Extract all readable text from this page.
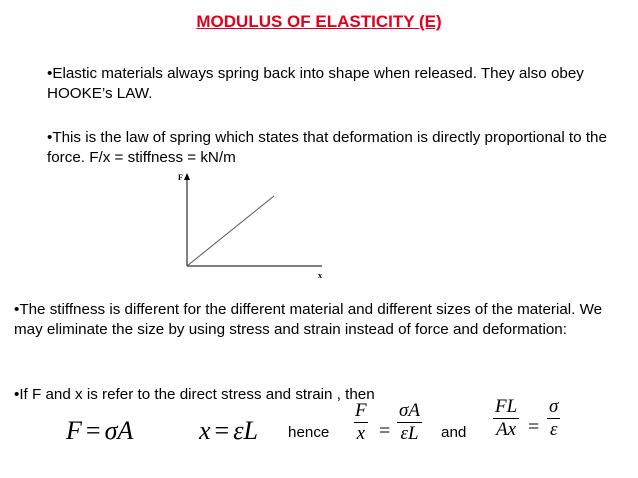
MODULUS OF ELASTICITY (E)

•Elastic materials always spring back into shape when released. They also obey HOOKE’s LAW.

•This is the law of spring which states that deformation is directly proportional to the force. F/x = stiffness = kN/m

F
x

•The stiffness is different for the different material and different sizes of the material. We may eliminate the size by using stress and strain instead of force and deformation:

•If F and x is refer to the direct stress and strain , then

F = σA	x = εL hence $\frac{F}{x} = \frac{\sigma A}{\varepsilon L}$ and $\frac{FL}{Ax} = \frac{\sigma}{\varepsilon}$
